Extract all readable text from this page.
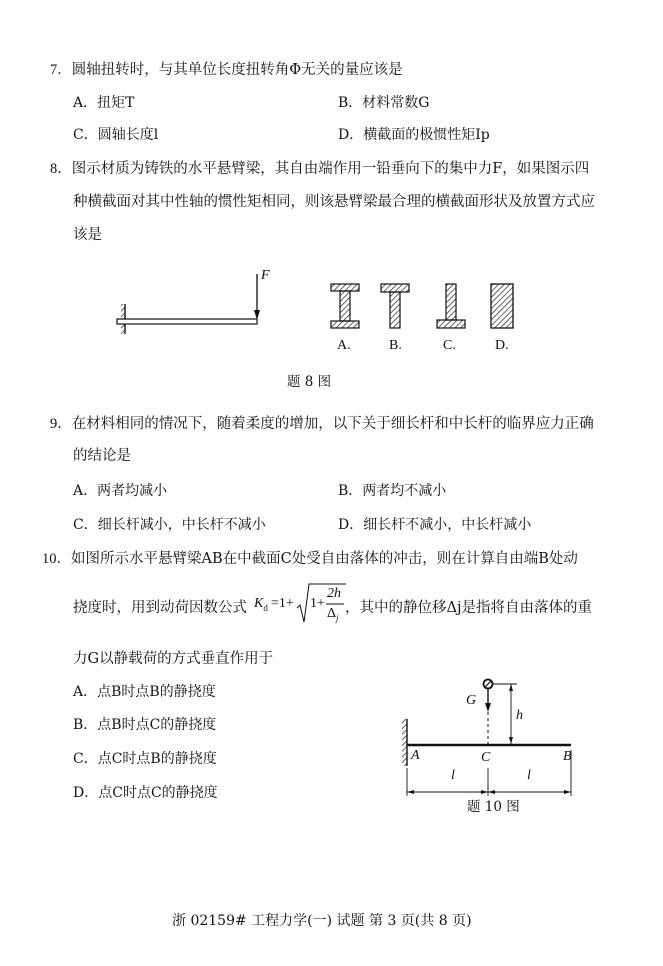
7．圆轴扭转时，与其单位长度扭转角Φ无关的量应该是
A．扭矩T	B．材料常数G
C．圆轴长度l	D．横截面的极惯性矩Ip
8．图示材质为铸铁的水平悬臂梁，其自由端作用一铅垂向下的集中力F，如果图示四
种横截面对其中性轴的惯性矩相同，则该悬臂梁最合理的横截面形状及放置方式应
该是
F
A.	B.	C.	D.
题 8 图
9．在材料相同的情况下，随着柔度的增加，以下关于细长杆和中长杆的临界应力正确
的结论是
A．两者均减小	B．两者均不减小
C．细长杆减小，中长杆不减小	D．细长杆不减小，中长杆减小
10．如图所示水平悬臂梁AB在中截面C处受自由落体的冲击，则在计算自由端B处动
挠度时，用到动荷因数公式 $K_d =1+ 1+$
2h
$\Delta_j$
，其中的静位移Δj是指将自由落体的重
力G以静载荷的方式垂直作用于
A．点B时点B的静挠度
B．点B时点C的静挠度
C．点C时点B的静挠度
D．点C时点C的静挠度
G
h
A	C	B
l	l
题 10 图
浙 02159# 工程力学(一) 试题 第 3 页(共 8 页)
